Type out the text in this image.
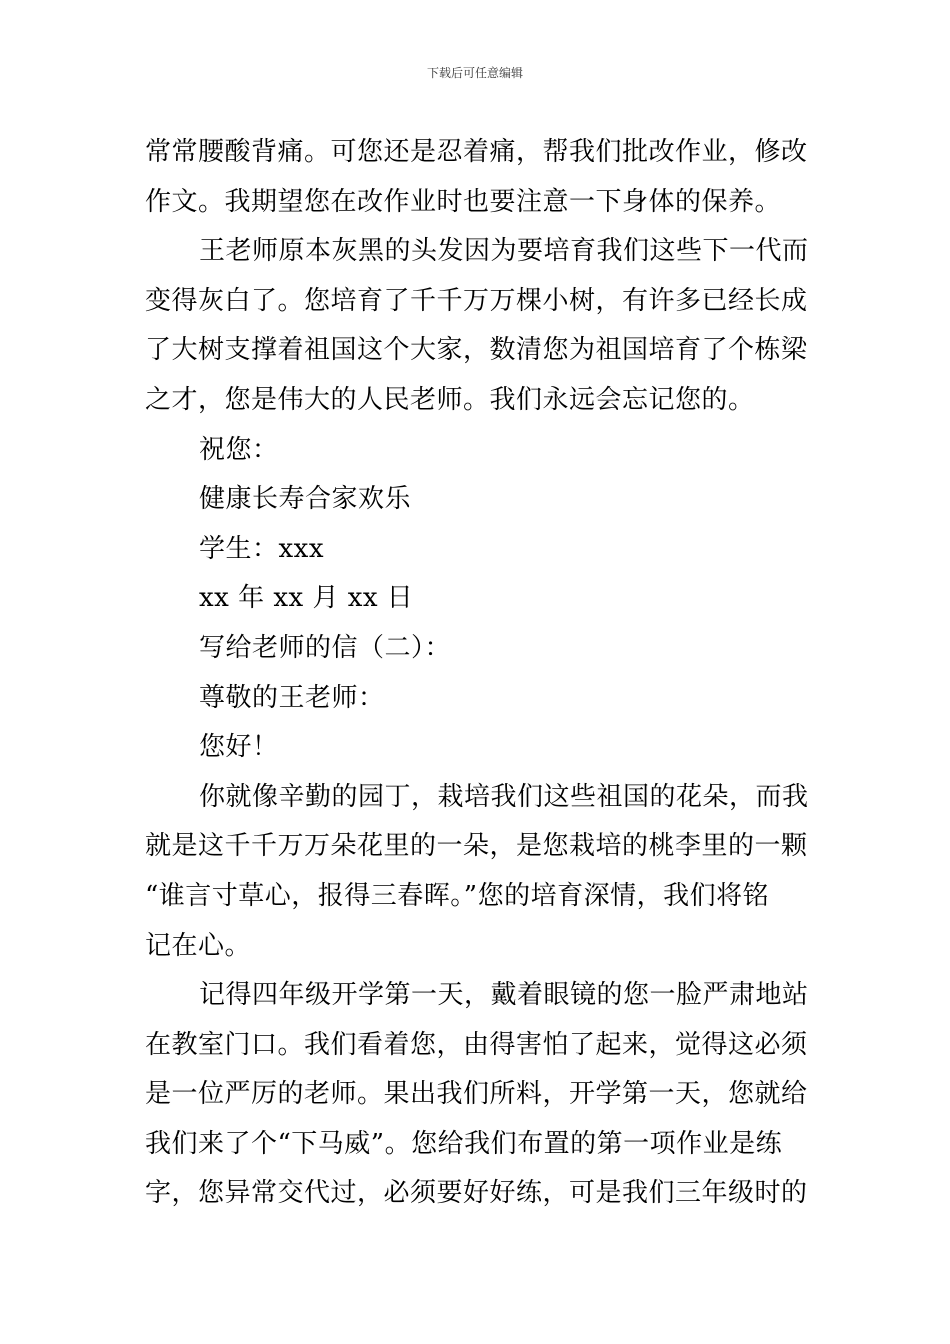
下载后可任意编辑
常常腰酸背痛。可您还是忍着痛，帮我们批改作业，修改
作文。我期望您在改作业时也要注意一下身体的保养。
王老师原本灰黑的头发因为要培育我们这些下一代而
变得灰白了。您培育了千千万万棵小树，有许多已经长成
了大树支撑着祖国这个大家，数清您为祖国培育了个栋梁
之才，您是伟大的人民老师。我们永远会忘记您的。
祝您：
健康长寿合家欢乐
学生：xxx
xx 年 xx 月 xx 日
写给老师的信（二）：
尊敬的王老师：
您好！
你就像辛勤的园丁，栽培我们这些祖国的花朵，而我
就是这千千万万朵花里的一朵，是您栽培的桃李里的一颗
“谁言寸草心，报得三春晖。”您的培育深情，我们将铭
记在心。
记得四年级开学第一天，戴着眼镜的您一脸严肃地站
在教室门口。我们看着您，由得害怕了起来，觉得这必须
是一位严厉的老师。果出我们所料，开学第一天，您就给
我们来了个“下马威”。您给我们布置的第一项作业是练
字，您异常交代过，必须要好好练，可是我们三年级时的
